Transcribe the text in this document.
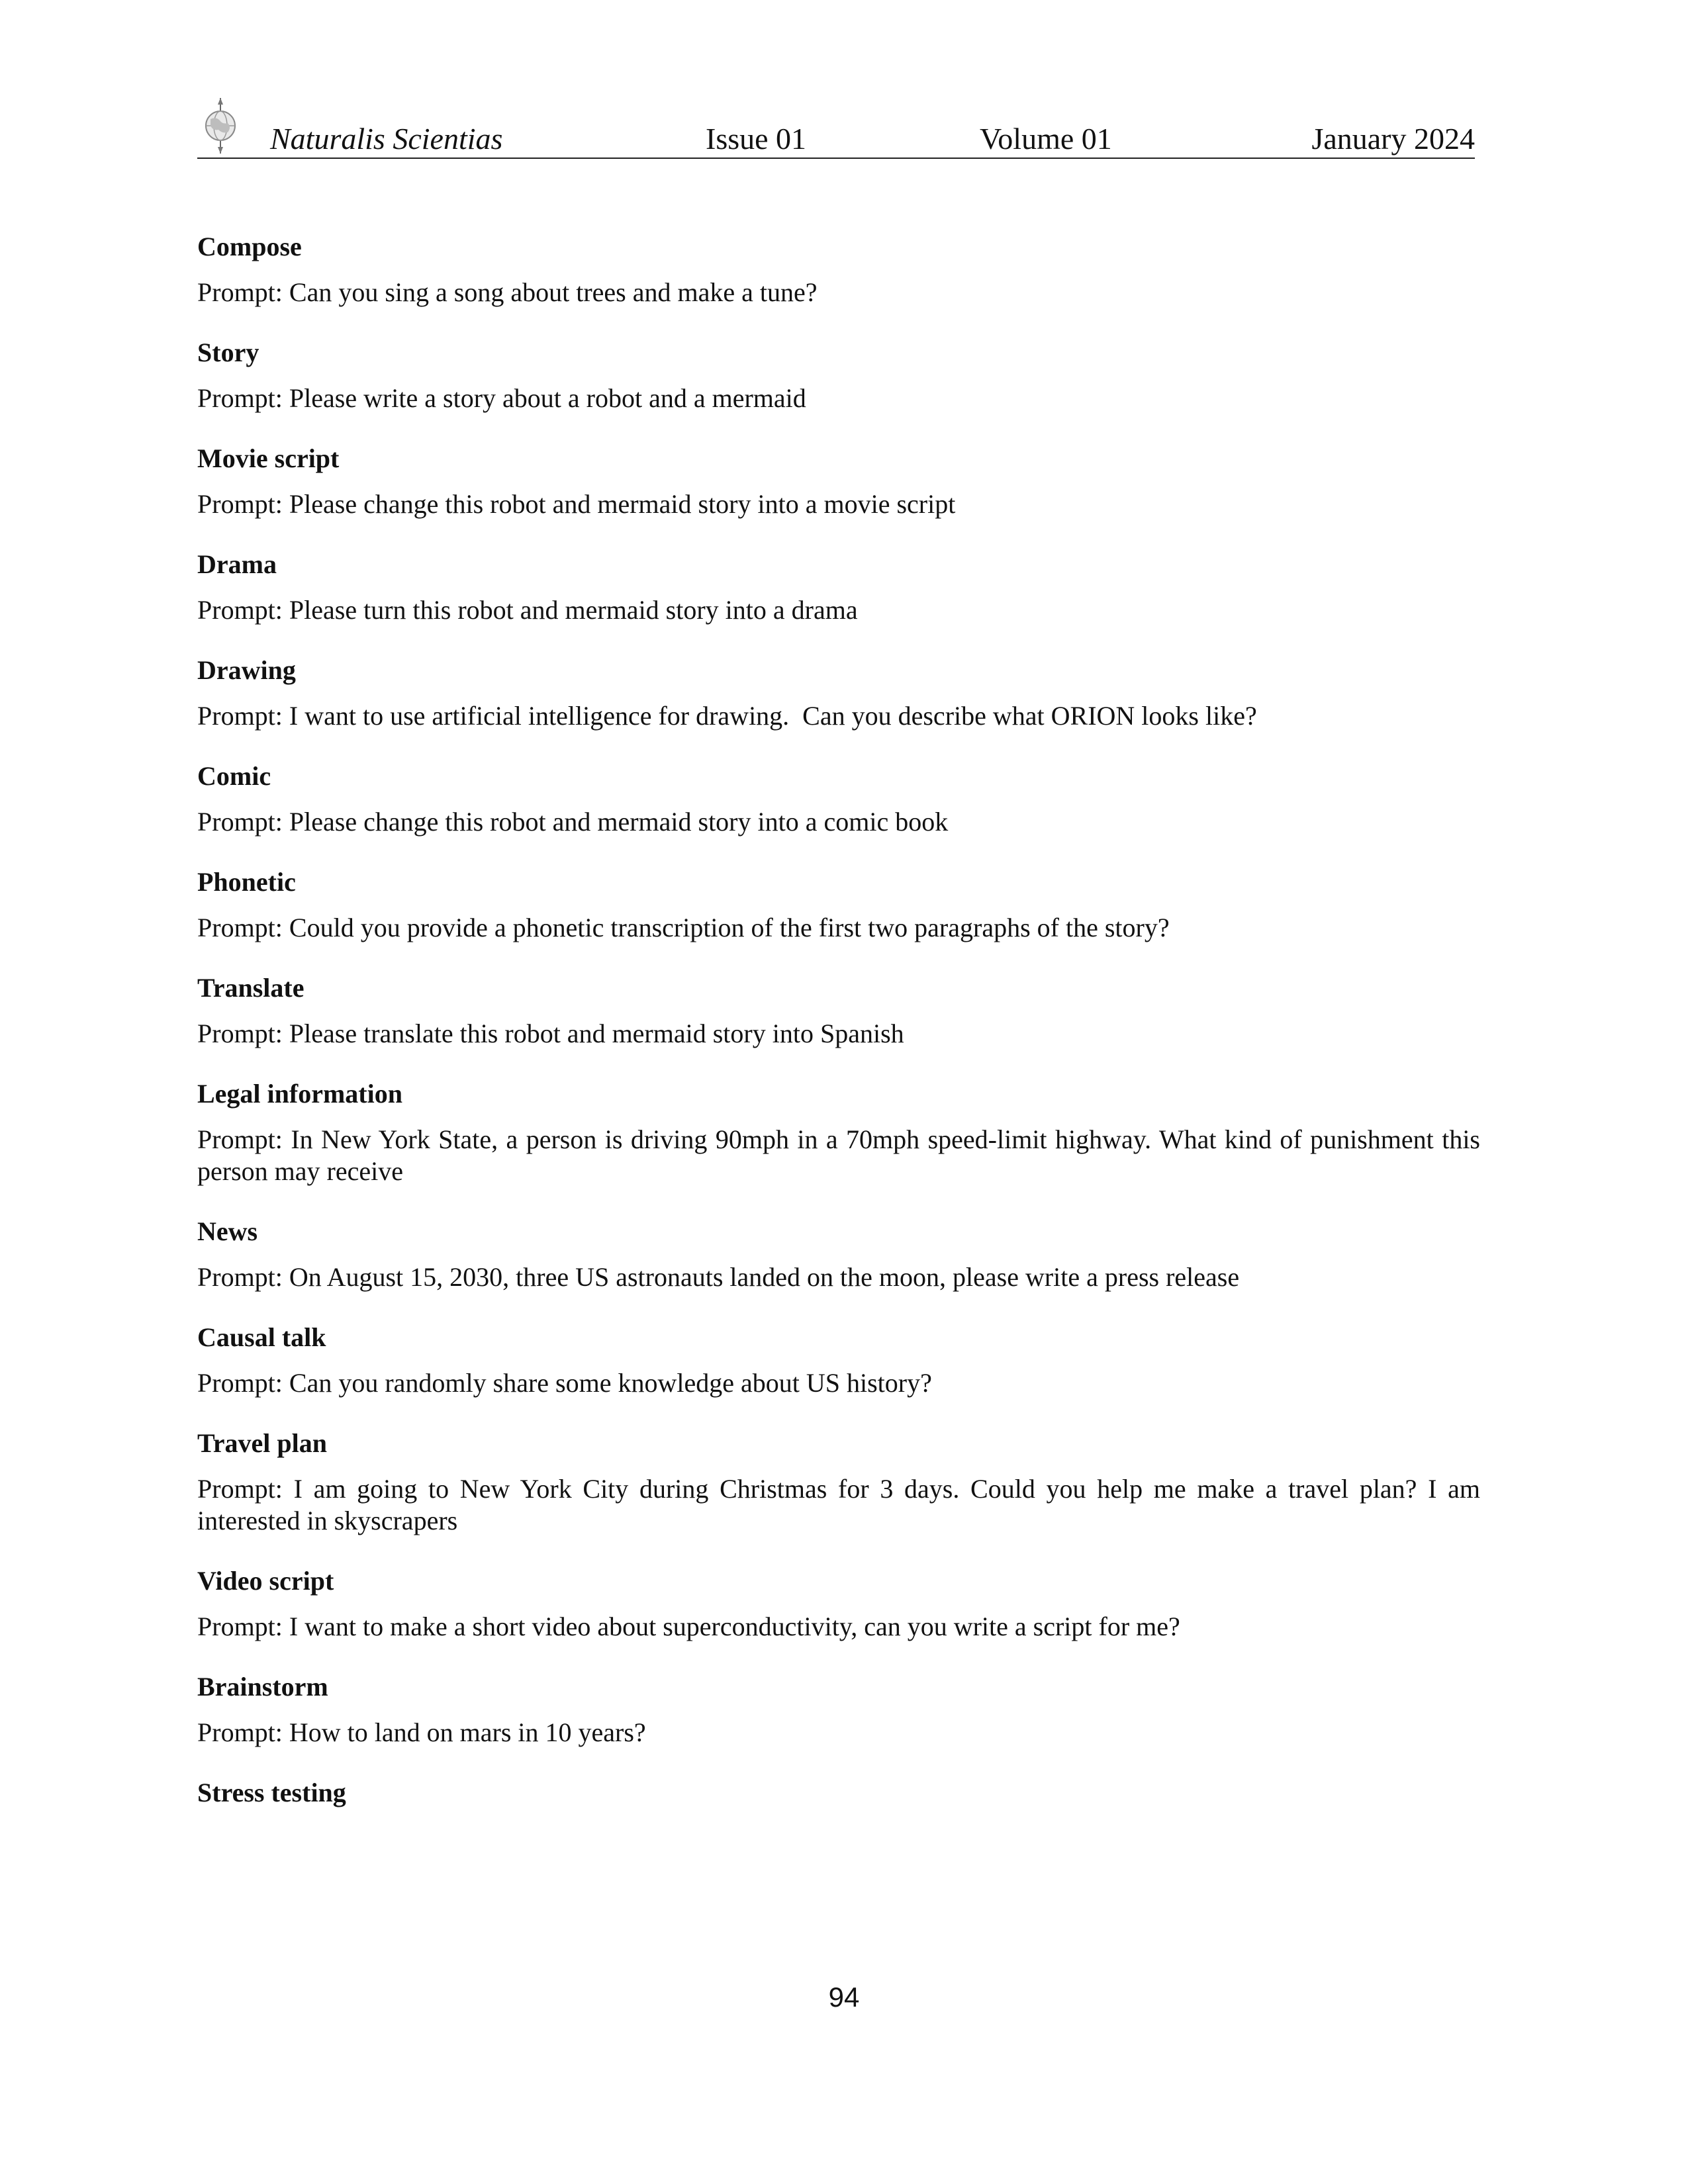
Naturalis Scientias	Issue 01	Volume 01	January 2024
Compose

Prompt: Can you sing a song about trees and make a tune?

Story

Prompt: Please write a story about a robot and a mermaid

Movie script

Prompt: Please change this robot and mermaid story into a movie script

Drama

Prompt: Please turn this robot and mermaid story into a drama

Drawing

Prompt: I want to use artificial intelligence for drawing.  Can you describe what ORION looks like?

Comic

Prompt: Please change this robot and mermaid story into a comic book

Phonetic

Prompt: Could you provide a phonetic transcription of the first two paragraphs of the story?

Translate

Prompt: Please translate this robot and mermaid story into Spanish

Legal information

Prompt: In New York State, a person is driving 90mph in a 70mph speed-limit highway. What kind of punishment this person may receive

News

Prompt: On August 15, 2030, three US astronauts landed on the moon, please write a press release

Causal talk

Prompt: Can you randomly share some knowledge about US history?

Travel plan

Prompt: I am going to New York City during Christmas for 3 days. Could you help me make a travel plan? I am interested in skyscrapers

Video script

Prompt: I want to make a short video about superconductivity, can you write a script for me?

Brainstorm

Prompt: How to land on mars in 10 years?

Stress testing
94
